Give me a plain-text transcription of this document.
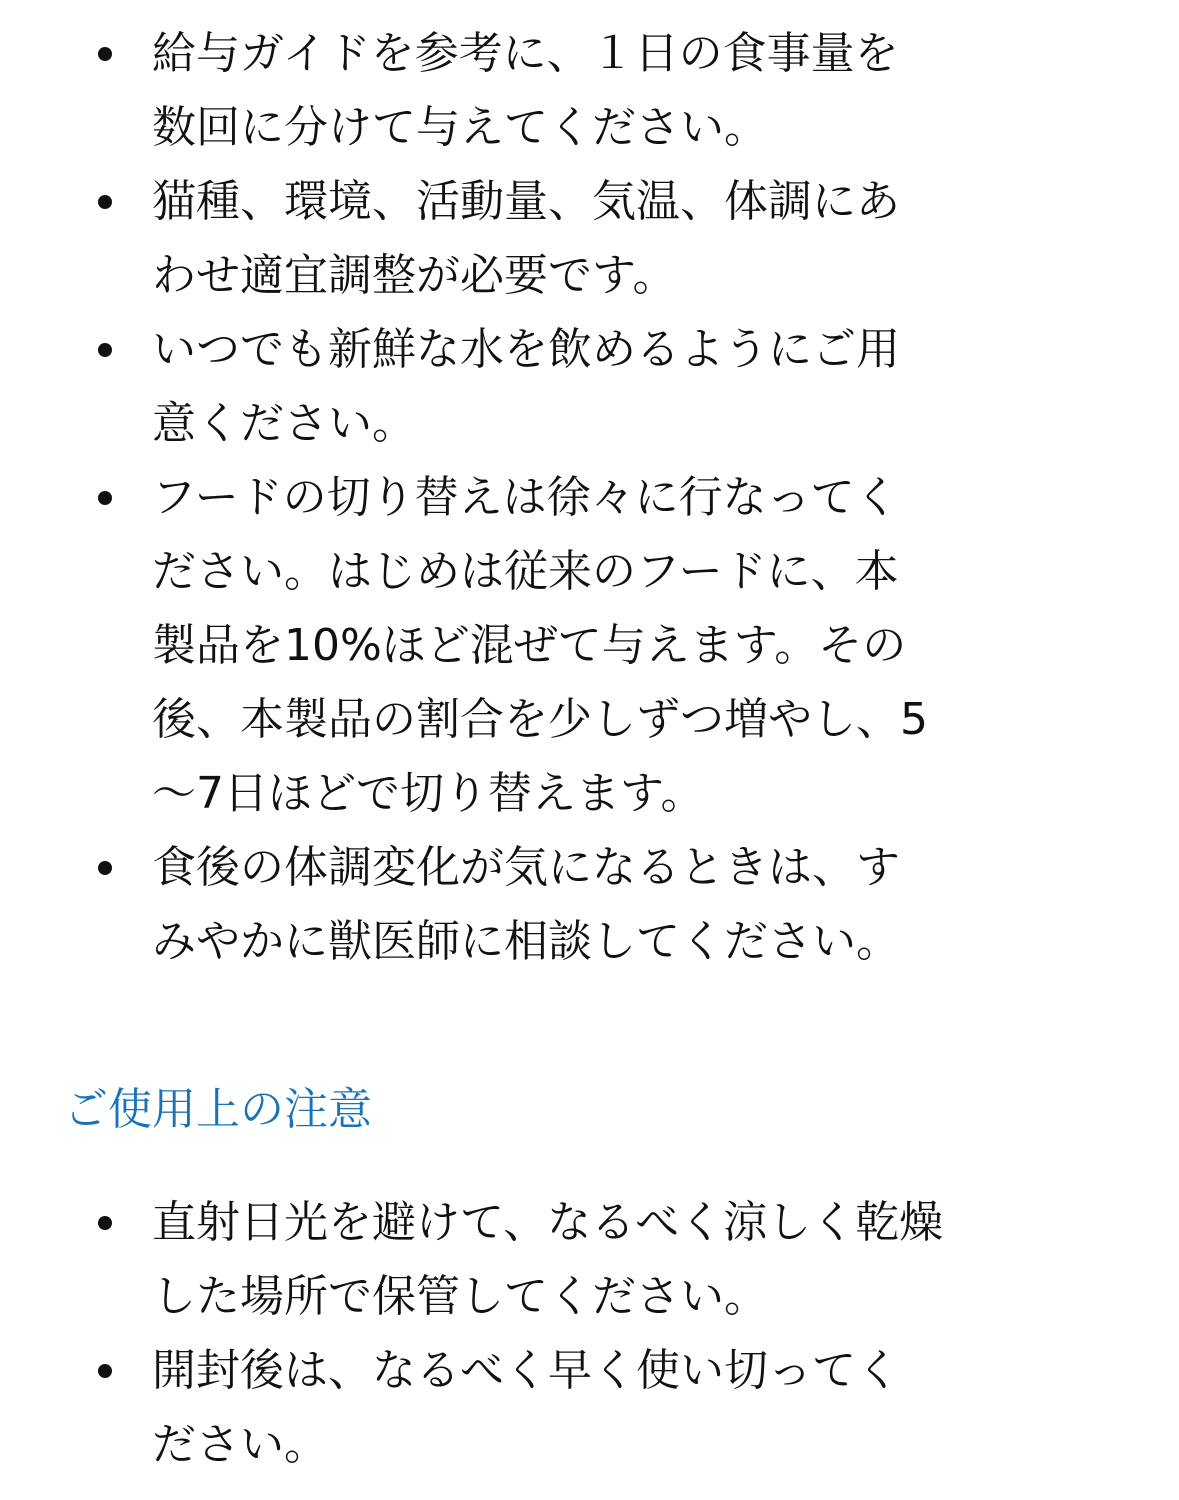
給与ガイドを参考に、１日の食事量を
数回に分けて与えてください。
猫種、環境、活動量、気温、体調にあ
わせ適宜調整が必要です。
いつでも新鮮な水を飲めるようにご用
意ください。
フードの切り替えは徐々に行なってく
ださい。はじめは従来のフードに、本
製品を10%ほど混ぜて与えます。その
後、本製品の割合を少しずつ増やし、5
〜7日ほどで切り替えます。
食後の体調変化が気になるときは、す
みやかに獣医師に相談してください。
ご使用上の注意
直射日光を避けて、なるべく涼しく乾燥
した場所で保管してください。
開封後は、なるべく早く使い切ってく
ださい。
